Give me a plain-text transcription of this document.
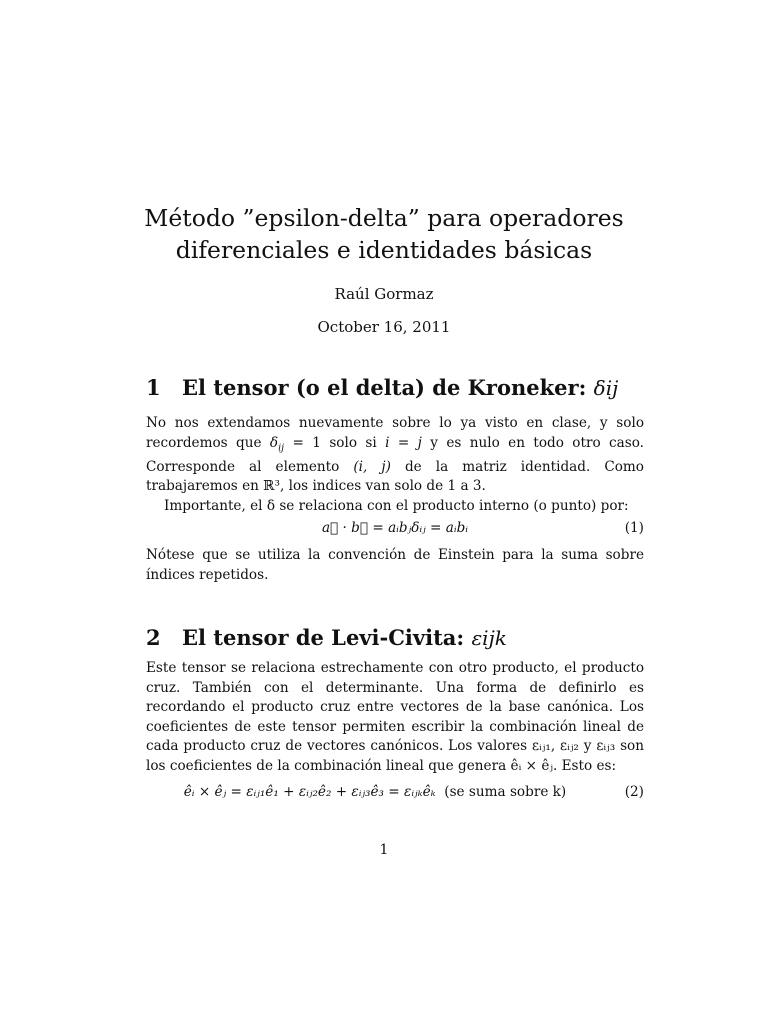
Método ”epsilon-delta” para operadores
diferenciales e identidades básicas
Raúl Gormaz
October 16, 2011
1 El tensor (o el delta) de Kroneker: δij

No nos extendamos nuevamente sobre lo ya visto en clase, y solo recordemos que $\delta_{ij} = 1$ solo si i = j y es nulo en todo otro caso. Corresponde al elemento (i, j) de la matriz identidad. Como trabajaremos en ℝ³, los indices van solo de 1 a 3.

Importante, el δ se relaciona con el producto interno (o punto) por:

a⃗ · b⃗ = aᵢbⱼδᵢⱼ = aᵢbᵢ	(1)

Nótese que se utiliza la convención de Einstein para la suma sobre índices repetidos.

2 El tensor de Levi-Civita: εijk

Este tensor se relaciona estrechamente con otro producto, el producto cruz. También con el determinante. Una forma de definirlo es recordando el producto cruz entre vectores de la base canónica. Los coeficientes de este tensor permiten escribir la combinación lineal de cada producto cruz de vectores canónicos. Los valores εᵢⱼ₁, εᵢⱼ₂ y εᵢⱼ₃ son los coeficientes de la combinación lineal que genera êᵢ × êⱼ. Esto es:

êᵢ × êⱼ = εᵢⱼ₁ê₁ + εᵢⱼ₂ê₂ + εᵢⱼ₃ê₃ = εᵢⱼₖêₖ (se suma sobre k)	(2)
1
